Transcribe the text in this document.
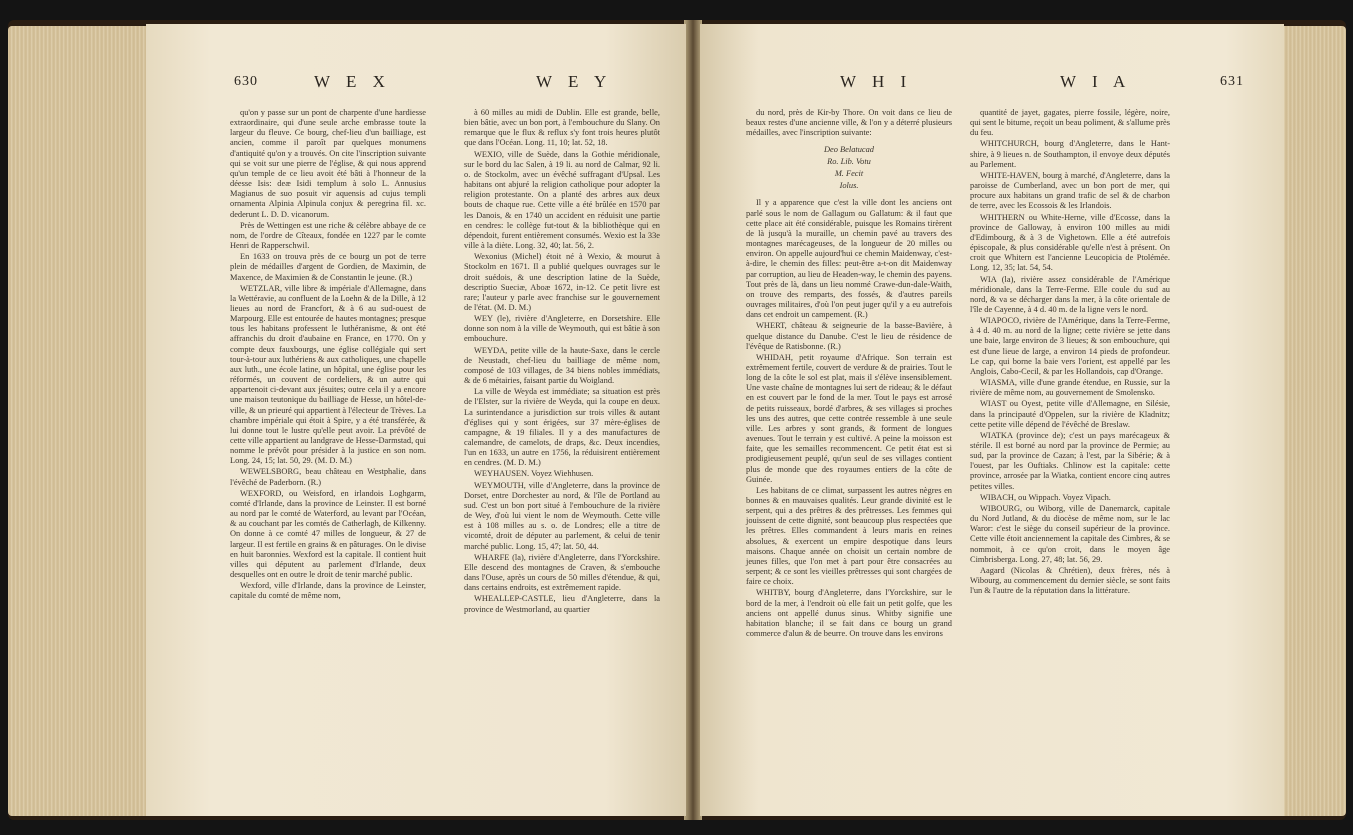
630	W E X	W E Y

qu'on y passe sur un pont de charpente d'une hardiesse extraordinaire, qui d'une seule arche embrasse toute la largeur du fleuve. Ce bourg, chef-lieu d'un bailliage, est ancien, comme il paroît par quelques monumens d'antiquité qu'on y a trouvés. On cite l'inscription suivante qui se voit sur une pierre de l'église, & qui nous apprend qu'un temple de ce lieu avoit été bâti à l'honneur de la déesse Isis: deæ Isidi templum à solo L. Annusius Magianus de suo posuit vir aquensis ad cujus templi ornamenta Alpinia Alpinula conjux & peregrina fil. xc. dederunt L. D. D. vicanorum.

Près de Wettingen est une riche & célèbre abbaye de ce nom, de l'ordre de Cîteaux, fondée en 1227 par le comte Henri de Rapperschwil.

En 1633 on trouva près de ce bourg un pot de terre plein de médailles d'argent de Gordien, de Maximin, de Maxence, de Maximien & de Constantin le jeune. (R.)

WETZLAR, ville libre & impériale d'Allemagne, dans la Wettéravie, au confluent de la Loehn & de la Dille, à 12 lieues au nord de Francfort, & à 6 au sud-ouest de Marpourg. Elle est entourée de hautes montagnes; presque tous les habitans professent le luthéranisme, & ont été affranchis du droit d'aubaine en France, en 1770. On y compte deux fauxbourgs, une église collégiale qui sert tour-à-tour aux luthériens & aux catholiques, une chapelle aux luth., une école latine, un hôpital, une église pour les réformés, un couvent de cordeliers, & un autre qui appartenoit ci-devant aux jésuites; outre cela il y a encore une maison teutonique du bailliage de Hesse, un hôtel-de-ville, & un prieuré qui appartient à l'électeur de Trèves. La chambre impériale qui étoit à Spire, y a été transférée, & lui donne tout le lustre qu'elle peut avoir. La prévôté de cette ville appartient au landgrave de Hesse-Darmstad, qui nomme le prévôt pour présider à la justice en son nom. Long. 24, 15; lat. 50, 29. (M. D. M.)

WEWELSBORG, beau château en Westphalie, dans l'évêché de Paderborn. (R.)

WEXFORD, ou Weisford, en irlandois Loghgarm, comté d'Irlande, dans la province de Leinster. Il est borné au nord par le comté de Waterford, au levant par l'Océan, & au couchant par les comtés de Catherlagh, de Kilkenny. On donne à ce comté 47 milles de longueur, & 27 de largeur. Il est fertile en grains & en pâturages. On le divise en huit baronnies. Wexford est la capitale. Il contient huit villes qui députent au parlement d'Irlande, deux desquelles ont en outre le droit de tenir marché public.

Wexford, ville d'Irlande, dans la province de Leinster, capitale du comté de même nom,

à 60 milles au midi de Dublin. Elle est grande, belle, bien bâtie, avec un bon port, à l'embouchure du Slany. On remarque que le flux & reflux s'y font trois heures plutôt que dans l'Océan. Long. 11, 10; lat. 52, 18.

WEXIO, ville de Suède, dans la Gothie méridionale, sur le bord du lac Salen, à 19 li. au nord de Calmar, 92 li. o. de Stockolm, avec un évêché suffragant d'Upsal. Les habitans ont abjuré la religion catholique pour adopter la religion protestante. On a planté des arbres aux deux bouts de chaque rue. Cette ville a été brûlée en 1570 par les Danois, & en 1740 un accident en réduisit une partie en cendres: le collège fut-tout & la bibliothèque qui en dépendoit, furent entièrement consumés. Wexio est la 33e ville à la diète. Long. 32, 40; lat. 56, 2.

Wexonius (Michel) étoit né à Wexio, & mourut à Stockolm en 1671. Il a publié quelques ouvrages sur le droit suédois, & une description latine de la Suède, descriptio Sueciæ, Aboæ 1672, in-12. Ce petit livre est rare; l'auteur y parle avec franchise sur le gouvernement de l'état. (M. D. M.)

WEY (le), rivière d'Angleterre, en Dorsetshire. Elle donne son nom à la ville de Weymouth, qui est bâtie à son embouchure.

WEYDA, petite ville de la haute-Saxe, dans le cercle de Neustadt, chef-lieu du bailliage de même nom, composé de 103 villages, de 34 biens nobles immédiats, & de 6 métairies, faisant partie du Woigland.

La ville de Weyda est immédiate; sa situation est près de l'Elster, sur la rivière de Weyda, qui la coupe en deux. La surintendance a jurisdiction sur trois villes & autant d'églises qui y sont érigées, sur 37 mère-églises de campagne, & 19 filiales. Il y a des manufactures de calemandre, de camelots, de draps, &c. Deux incendies, l'un en 1633, un autre en 1756, la réduisirent entièrement en cendres. (M. D. M.)

WEYHAUSEN. Voyez Wiehhusen.

WEYMOUTH, ville d'Angleterre, dans la province de Dorset, entre Dorchester au nord, & l'île de Portland au sud. C'est un bon port situé à l'embouchure de la rivière de Wey, d'où lui vient le nom de Weymouth. Cette ville est à 108 milles au s. o. de Londres; elle a titre de vicomté, droit de députer au parlement, & celui de tenir marché public. Long. 15, 47; lat. 50, 44.

WHARFE (la), rivière d'Angleterre, dans l'Yorckshire. Elle descend des montagnes de Craven, & s'embouche dans l'Ouse, après un cours de 50 milles d'étendue, & qui, dans certains endroits, est extrêmement rapide.

WHEALLEP-CASTLE, lieu d'Angleterre, dans la province de Westmorland, au quartier

W H I	W I A	631

du nord, près de Kir-by Thore. On voit dans ce lieu de beaux restes d'une ancienne ville, & l'on y a déterré plusieurs médailles, avec l'inscription suivante:

Deo Belatucad
Ro. Lib. Votu
M. Fecit
Iolus.

Il y a apparence que c'est la ville dont les anciens ont parlé sous le nom de Gallagum ou Gallatum: & il faut que cette place ait été considérable, puisque les Romains tirèrent de là jusqu'à la muraille, un chemin pavé au travers des montagnes marécageuses, de la longueur de 20 milles ou environ. On appelle aujourd'hui ce chemin Maidenway, c'est-à-dire, le chemin des filles: peut-être a-t-on dit Maidenway par corruption, au lieu de Headen-way, le chemin des payens. Tout près de là, dans un lieu nommé Crawe-dun-dale-Waith, on trouve des remparts, des fossés, & d'autres pareils ouvrages militaires, d'où l'on peut juger qu'il y a eu autrefois dans cet endroit un campement. (R.)

WHERT, château & seigneurie de la basse-Bavière, à quelque distance du Danube. C'est le lieu de résidence de l'évêque de Ratisbonne. (R.)

WHIDAH, petit royaume d'Afrique. Son terrain est extrêmement fertile, couvert de verdure & de prairies. Tout le long de la côte le sol est plat, mais il s'élève insensiblement. Une vaste chaîne de montagnes lui sert de rideau; & le défaut en est couvert par le fond de la mer. Tout le pays est arrosé de petits ruisseaux, bordé d'arbres, & ses villages si proches les uns des autres, que cette contrée ressemble à une seule ville. Les arbres y sont grands, & forment de longues avenues. Tout le terrain y est cultivé. A peine la moisson est faite, que les semailles recommencent. Ce petit état est si prodigieusement peuplé, qu'un seul de ses villages contient plus de monde que des royaumes entiers de la côte de Guinée.

Les habitans de ce climat, surpassent les autres nègres en bonnes & en mauvaises qualités. Leur grande divinité est le serpent, qui a des prêtres & des prêtresses. Les femmes qui jouissent de cette dignité, sont beaucoup plus respectées que les prêtres. Elles commandent à leurs maris en reines absolues, & exercent un empire despotique dans leurs maisons. Chaque année on choisit un certain nombre de jeunes filles, que l'on met à part pour être consacrées au serpent; & ce sont les vieilles prêtresses qui sont chargées de faire ce choix.

WHITBY, bourg d'Angleterre, dans l'Yorckshire, sur le bord de la mer, à l'endroit où elle fait un petit golfe, que les anciens ont appellé dunus sinus. Whitby signifie une habitation blanche; il se fait dans ce bourg un grand commerce d'alun & de beurre. On trouve dans les environs

quantité de jayet, gagates, pierre fossile, légère, noire, qui sent le bitume, reçoit un beau poliment, & s'allume près du feu.

WHITCHURCH, bourg d'Angleterre, dans le Hant-shire, à 9 lieues n. de Southampton, il envoye deux députés au Parlement.

WHITE-HAVEN, bourg à marché, d'Angleterre, dans la paroisse de Cumberland, avec un bon port de mer, qui procure aux habitans un grand trafic de sel & de charbon de terre, avec les Ecossois & les Irlandois.

WHITHERN ou White-Herne, ville d'Ecosse, dans la province de Galloway, à environ 100 milles au midi d'Edimbourg, & à 3 de Vighetown. Elle a été autrefois épiscopale, & plus considérable qu'elle n'est à présent. On croit que Whitern est l'ancienne Leucopicia de Ptolémée. Long. 12, 35; lat. 54, 54.

WIA (la), rivière assez considérable de l'Amérique méridionale, dans la Terre-Ferme. Elle coule du sud au nord, & va se décharger dans la mer, à la côte orientale de l'île de Cayenne, à 4 d. 40 m. de la ligne vers le nord.

WIAPOCO, rivière de l'Amérique, dans la Terre-Ferme, à 4 d. 40 m. au nord de la ligne; cette rivière se jette dans une baie, large environ de 3 lieues; & son embouchure, qui est d'une lieue de large, a environ 14 pieds de profondeur. Le cap, qui borne la baie vers l'orient, est appellé par les Anglois, Cabo-Cecil, & par les Hollandois, cap d'Orange.

WIASMA, ville d'une grande étendue, en Russie, sur la rivière de même nom, au gouvernement de Smolensko.

WIAST ou Oyest, petite ville d'Allemagne, en Silésie, dans la principauté d'Oppelen, sur la rivière de Kladnitz; cette petite ville dépend de l'évêché de Breslaw.

WIATKA (province de); c'est un pays marécageux & stérile. Il est borné au nord par la province de Permie; au sud, par la province de Cazan; à l'est, par la Sibérie; & à l'ouest, par les Ouftiaks. Chlinow est la capitale: cette province, arrosée par la Wiatka, contient encore cinq autres petites villes.

WIBACH, ou Wippach. Voyez Vipach.

WIBOURG, ou Wiborg, ville de Danemarck, capitale du Nord Jutland, & du diocèse de même nom, sur le lac Waror: c'est le siège du conseil supérieur de la province. Cette ville étoit anciennement la capitale des Cimbres, & se nommoit, à ce qu'on croit, dans le moyen âge Cimbrisberga. Long. 27, 48; lat. 56, 29.

Aagard (Nicolas & Chrétien), deux frères, nés à Wibourg, au commencement du dernier siècle, se sont faits l'un & l'autre de la réputation dans la littérature.
